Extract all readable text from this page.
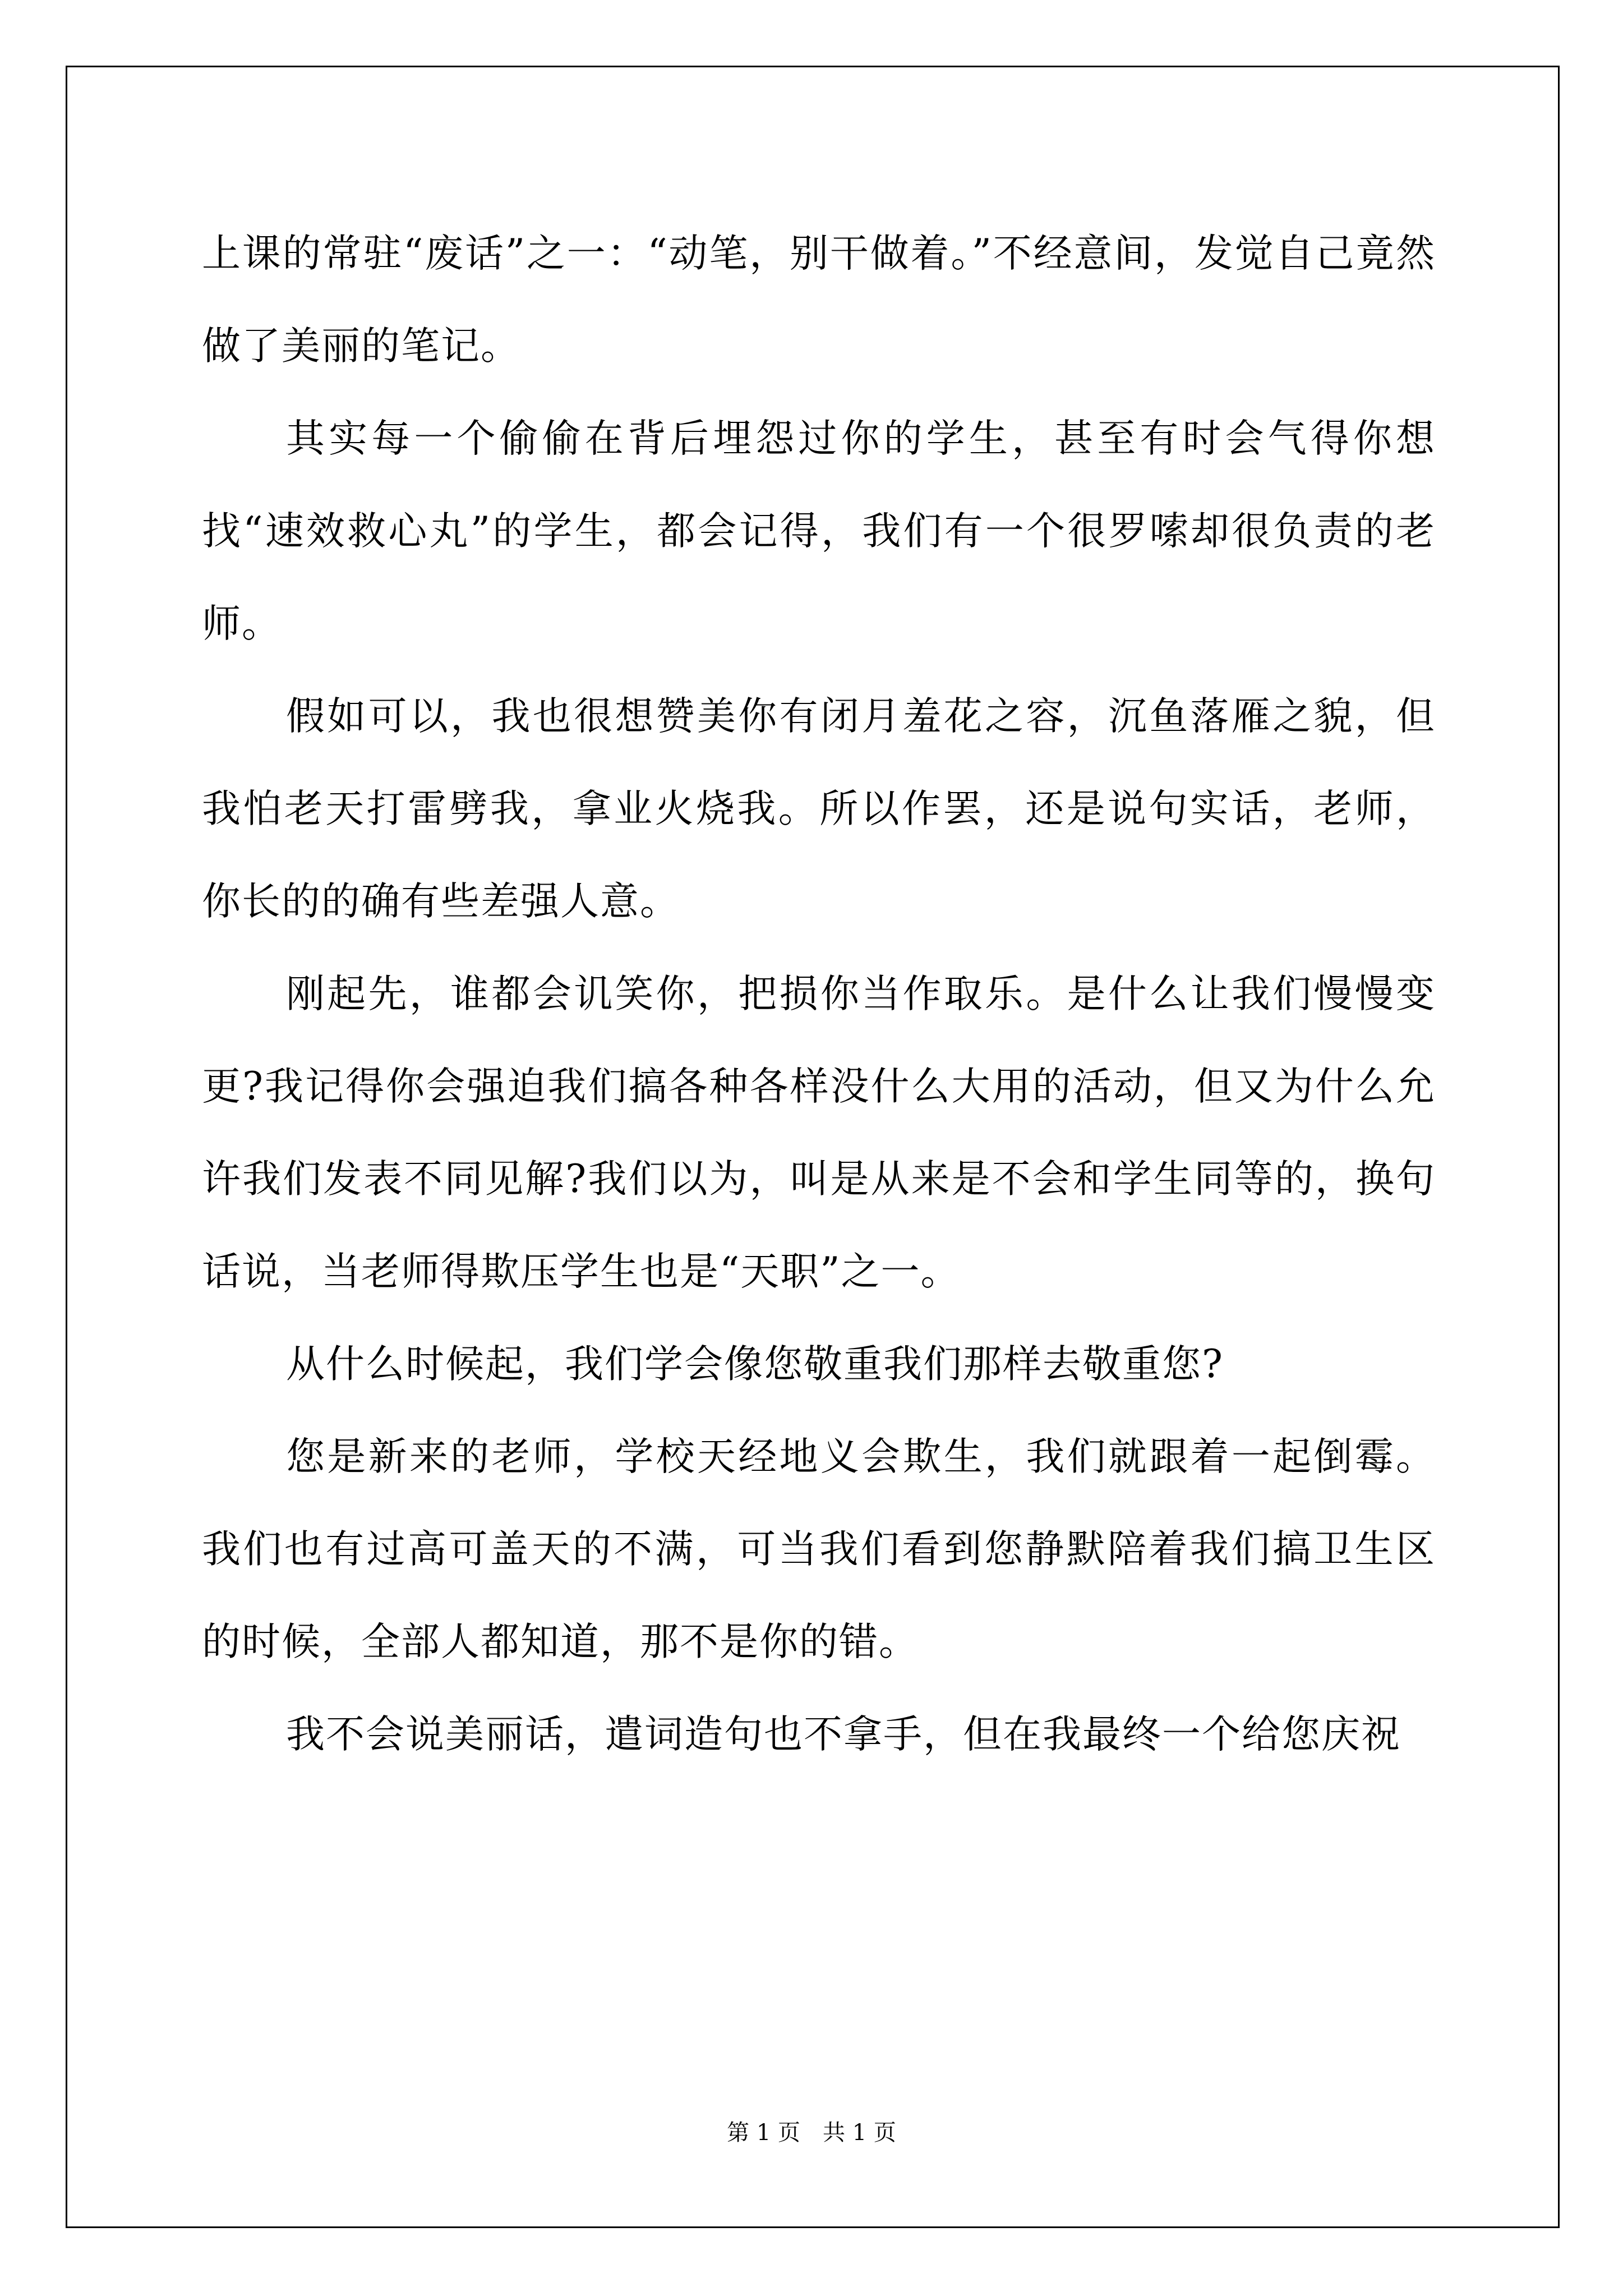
上课的常驻“废话”之一：“动笔，别干做着。”不经意间，发觉自己竟然做了美丽的笔记。

其实每一个偷偷在背后埋怨过你的学生，甚至有时会气得你想找“速效救心丸”的学生，都会记得，我们有一个很罗嗦却很负责的老师。

假如可以，我也很想赞美你有闭月羞花之容，沉鱼落雁之貌，但我怕老天打雷劈我，拿业火烧我。所以作罢，还是说句实话，老师，你长的的确有些差强人意。

刚起先，谁都会讥笑你，把损你当作取乐。是什么让我们慢慢变更?我记得你会强迫我们搞各种各样没什么大用的活动，但又为什么允许我们发表不同见解?我们以为，叫是从来是不会和学生同等的，换句话说，当老师得欺压学生也是“天职”之一。

从什么时候起，我们学会像您敬重我们那样去敬重您?

您是新来的老师，学校天经地义会欺生，我们就跟着一起倒霉。我们也有过高可盖天的不满，可当我们看到您静默陪着我们搞卫生区的时候，全部人都知道，那不是你的错。

我不会说美丽话，遣词造句也不拿手，但在我最终一个给您庆祝

第 1 页　共 1 页
